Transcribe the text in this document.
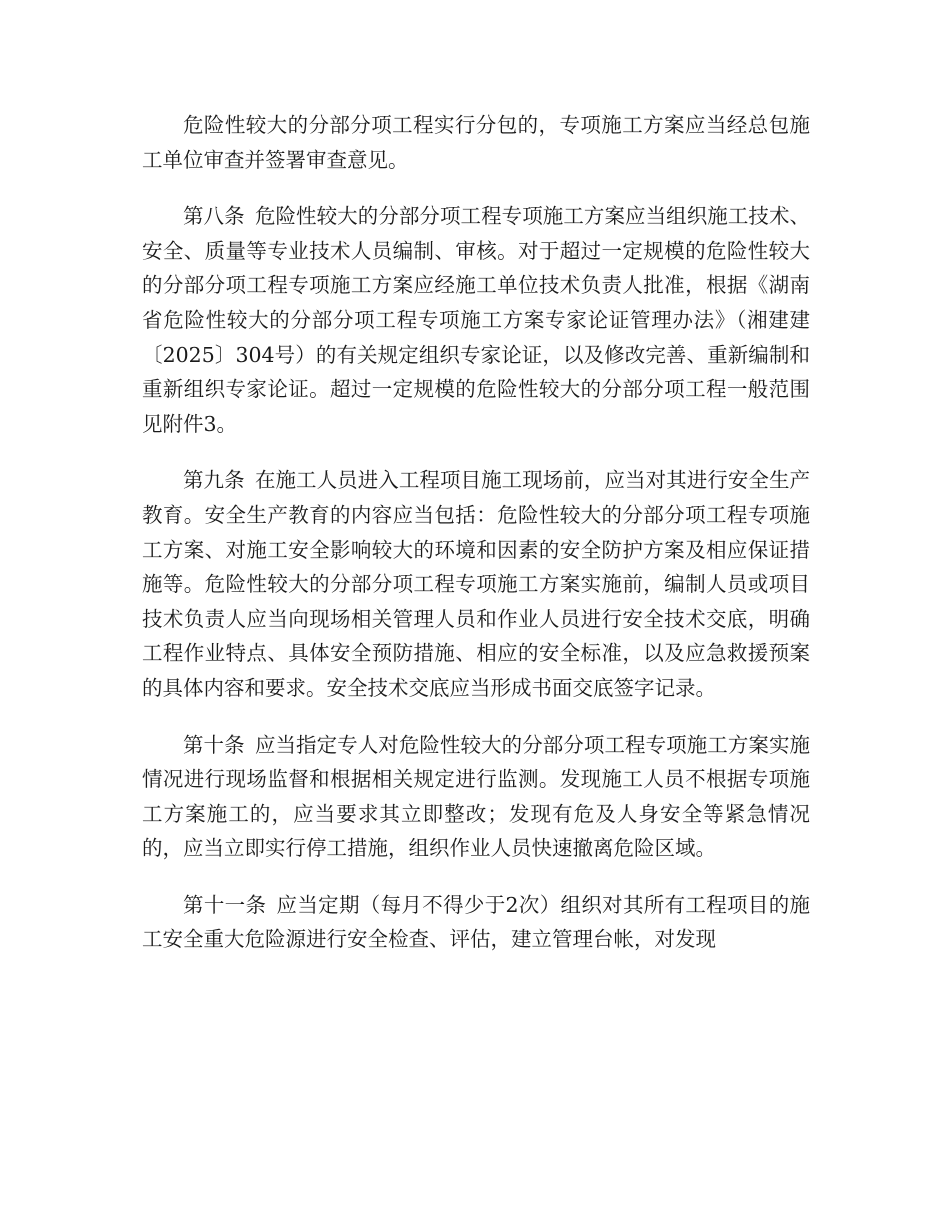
危险性较大的分部分项工程实行分包的，专项施工方案应当经总包施工单位审查并签署审查意见。

第八条 危险性较大的分部分项工程专项施工方案应当组织施工技术、安全、质量等专业技术人员编制、审核。对于超过一定规模的危险性较大的分部分项工程专项施工方案应经施工单位技术负责人批准，根据《湖南省危险性较大的分部分项工程专项施工方案专家论证管理办法》（湘建建〔2025〕304号）的有关规定组织专家论证，以及修改完善、重新编制和重新组织专家论证。超过一定规模的危险性较大的分部分项工程一般范围见附件3。

第九条 在施工人员进入工程项目施工现场前，应当对其进行安全生产教育。安全生产教育的内容应当包括：危险性较大的分部分项工程专项施工方案、对施工安全影响较大的环境和因素的安全防护方案及相应保证措施等。危险性较大的分部分项工程专项施工方案实施前，编制人员或项目技术负责人应当向现场相关管理人员和作业人员进行安全技术交底，明确工程作业特点、具体安全预防措施、相应的安全标准，以及应急救援预案的具体内容和要求。安全技术交底应当形成书面交底签字记录。

第十条 应当指定专人对危险性较大的分部分项工程专项施工方案实施情况进行现场监督和根据相关规定进行监测。发现施工人员不根据专项施工方案施工的，应当要求其立即整改；发现有危及人身安全等紧急情况的，应当立即实行停工措施，组织作业人员快速撤离危险区域。

第十一条 应当定期（每月不得少于2次）组织对其所有工程项目的施工安全重大危险源进行安全检查、评估，建立管理台帐，对发现
